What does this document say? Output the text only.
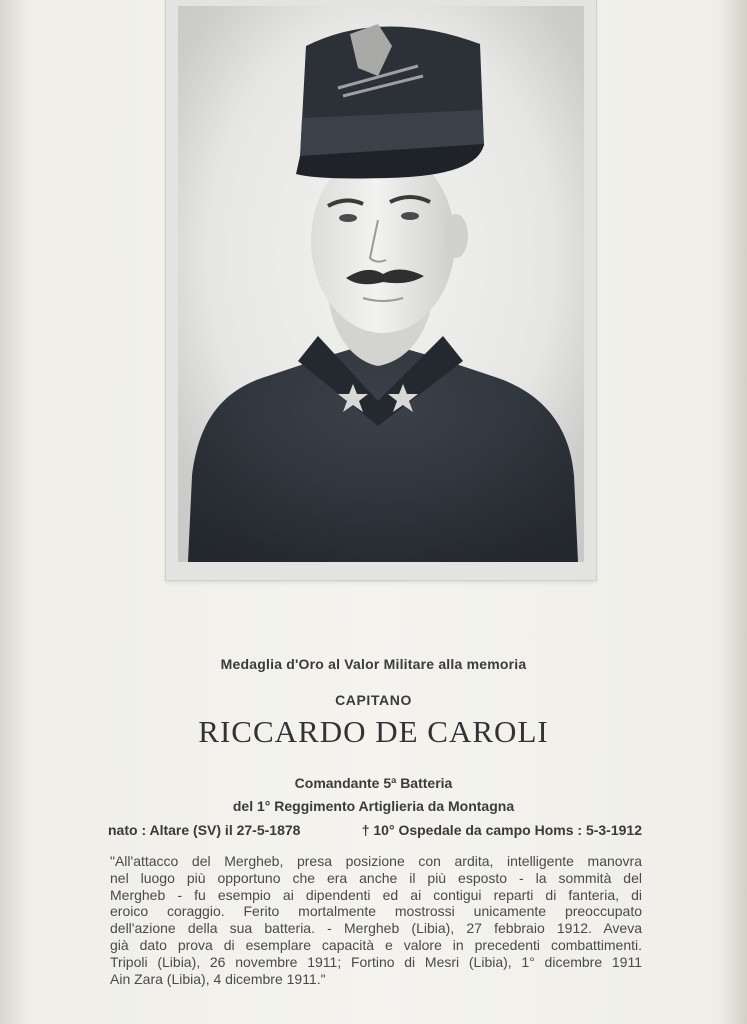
Medaglia d'Oro al Valor Militare alla memoria
CAPITANO
RICCARDO DE CAROLI
Comandante 5ª Batteria
del 1° Reggimento Artiglieria da Montagna
nato : Altare (SV) il 27-5-1878	† 10° Ospedale da campo Homs : 5-3-1912
"All'attacco del Mergheb, presa posizione con ardita, intelligente manovra
nel luogo più opportuno che era anche il più esposto - la sommità del
Mergheb - fu esempio ai dipendenti ed ai contigui reparti di fanteria, di
eroico coraggio. Ferito mortalmente mostrossi unicamente preoccupato
dell'azione della sua batteria. - Mergheb (Libia), 27 febbraio 1912. Aveva
già dato prova di esemplare capacità e valore in precedenti combattimenti.
Tripoli (Libia), 26 novembre 1911; Fortino di Mesri (Libia), 1° dicembre 1911
Ain Zara (Libia), 4 dicembre 1911."
